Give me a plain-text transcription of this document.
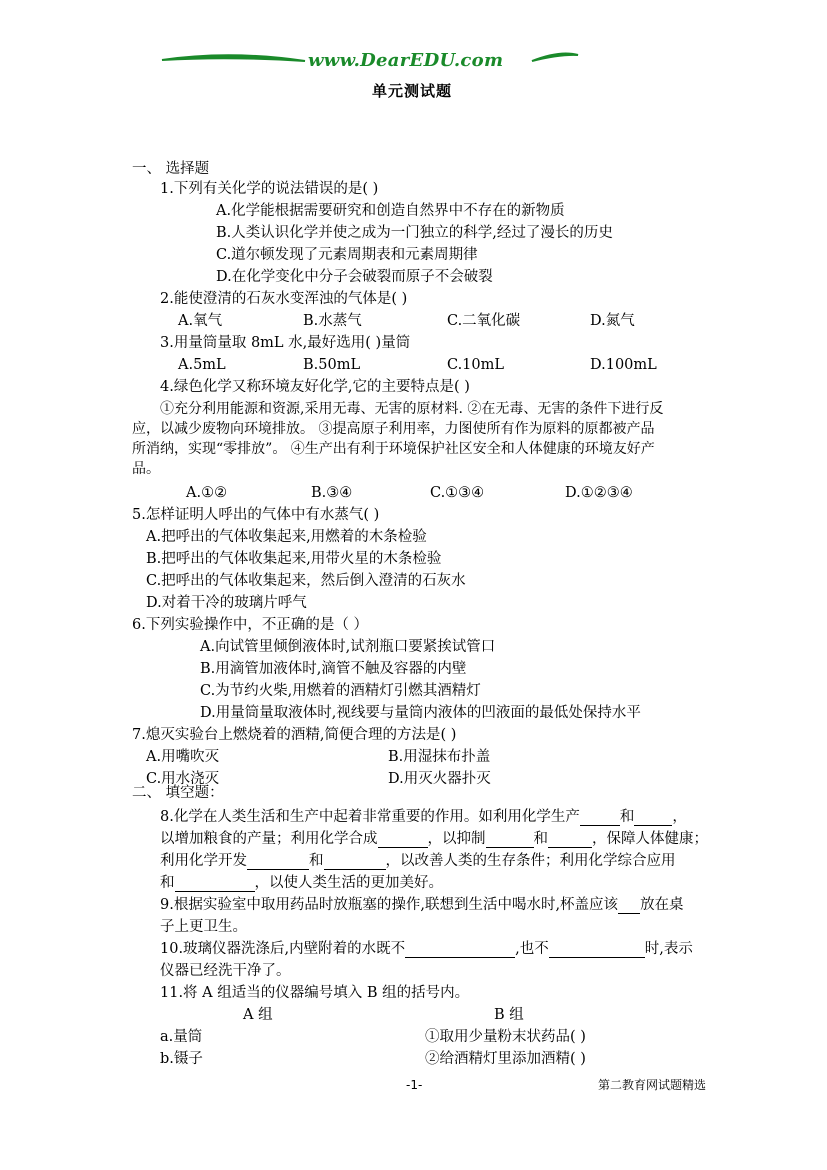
www.DearEDU.com
单元测试题
一、 选择题
1.下列有关化学的说法错误的是( )
A.化学能根据需要研究和创造自然界中不存在的新物质
B.人类认识化学并使之成为一门独立的科学,经过了漫长的历史
C.道尔顿发现了元素周期表和元素周期律
D.在化学变化中分子会破裂而原子不会破裂
2.能使澄清的石灰水变浑浊的气体是( )
A.氧气	B.水蒸气	C.二氧化碳	D.氮气
3.用量筒量取 8mL 水,最好选用( )量筒
A.5mL	B.50mL	C.10mL	D.100mL
4.绿色化学又称环境友好化学,它的主要特点是( )
①充分利用能源和资源,采用无毒、无害的原材料. ②在无毒、无害的条件下进行反
应，以减少废物向环境排放。 ③提高原子利用率，力图使所有作为原料的原都被产品
所消纳，实现“零排放”。 ④生产出有利于环境保护社区安全和人体健康的环境友好产
品。
A.①②	B.③④	C.①③④	D.①②③④
5.怎样证明人呼出的气体中有水蒸气( )
A.把呼出的气体收集起来,用燃着的木条检验
B.把呼出的气体收集起来,用带火星的木条检验
C.把呼出的气体收集起来，然后倒入澄清的石灰水
D.对着干冷的玻璃片呼气
6.下列实验操作中，不正确的是（ ）
A.向试管里倾倒液体时,试剂瓶口要紧挨试管口
B.用滴管加液体时,滴管不触及容器的内壁
C.为节约火柴,用燃着的酒精灯引燃其酒精灯
D.用量筒量取液体时,视线要与量筒内液体的凹液面的最低处保持水平
7.熄灭实验台上燃烧着的酒精,简便合理的方法是( )
A.用嘴吹灭	B.用湿抹布扑盖
C.用水浇灭	D.用灭火器扑灭
二、 填空题：
8.化学在人类生活和生产中起着非常重要的作用。如利用化学生产	和	，
以增加粮食的产量；利用化学合成	，以抑制	和	，保障人体健康；
利用化学开发	和	，以改善人类的生存条件；利用化学综合应用
和	，以使人类生活的更加美好。
9.根据实验室中取用药品时放瓶塞的操作,联想到生活中喝水时,杯盖应该 放在桌
子上更卫生。
10.玻璃仪器洗涤后,内壁附着的水既不	,也不	时,表示
仪器已经洗干净了。
11.将 A 组适当的仪器编号填入 B 组的括号内。
A 组	B 组
a.量筒	①取用少量粉末状药品( )
b.镊子	②给酒精灯里添加酒精( )
-1-	第二教育网试题精选
